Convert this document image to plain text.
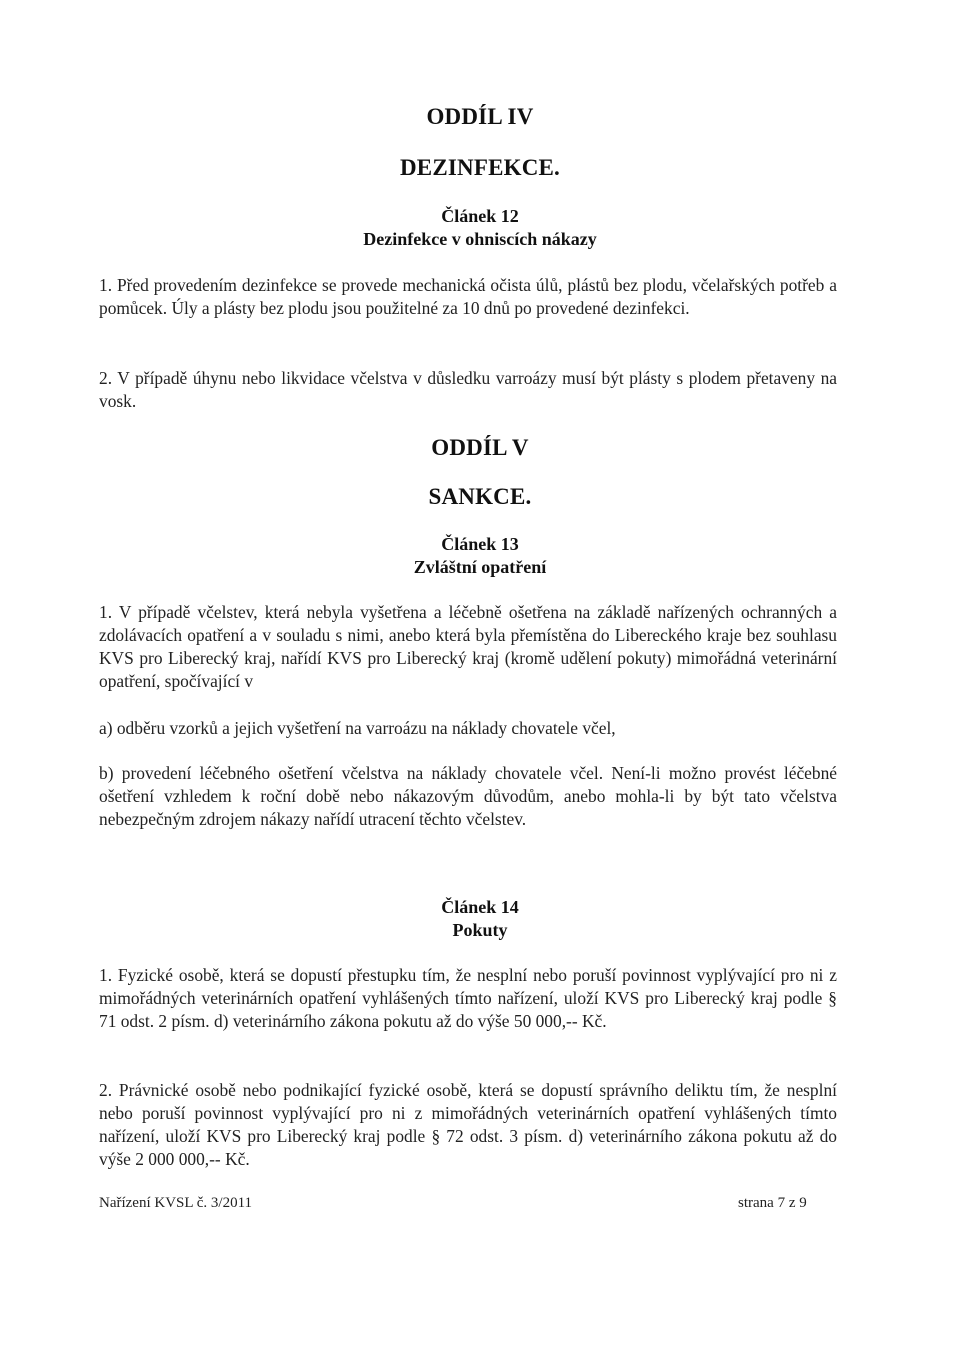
ODDÍL IV
DEZINFEKCE.
Článek 12
Dezinfekce v ohniscích nákazy

1. Před provedením dezinfekce se provede mechanická očista úlů, plástů bez plodu, včelařských potřeb a pomůcek. Úly a plásty bez plodu jsou použitelné za 10 dnů po provedené dezinfekci.

2. V případě úhynu nebo likvidace včelstva v důsledku varroázy musí být plásty s plodem přetaveny na vosk.

ODDÍL V
SANKCE.
Článek 13
Zvláštní opatření

1. V případě včelstev, která nebyla vyšetřena a léčebně ošetřena na základě nařízených ochranných a zdolávacích opatření a v souladu s nimi, anebo která byla přemístěna do Libereckého kraje bez souhlasu KVS pro Liberecký kraj, nařídí KVS pro Liberecký kraj (kromě udělení pokuty) mimořádná veterinární opatření, spočívající v

a) odběru vzorků a jejich vyšetření na varroázu na náklady chovatele včel,

b) provedení léčebného ošetření včelstva na náklady chovatele včel. Není-li možno provést léčebné ošetření vzhledem k roční době nebo nákazovým důvodům, anebo mohla-li by být tato včelstva nebezpečným zdrojem nákazy nařídí utracení těchto včelstev.

Článek 14
Pokuty

1. Fyzické osobě, která se dopustí přestupku tím, že nesplní nebo poruší povinnost vyplývající pro ni z mimořádných veterinárních opatření vyhlášených tímto nařízení, uloží KVS pro Liberecký kraj podle § 71 odst. 2 písm. d) veterinárního zákona pokutu až do výše 50 000,-- Kč.

2. Právnické osobě nebo podnikající fyzické osobě, která se dopustí správního deliktu tím, že nesplní nebo poruší povinnost vyplývající pro ni z mimořádných veterinárních opatření vyhlášených tímto nařízení, uloží KVS pro Liberecký kraj podle § 72 odst. 3 písm. d) veterinárního zákona pokutu až do výše 2 000 000,-- Kč.

Nařízení KVSL č. 3/2011	strana 7 z 9
